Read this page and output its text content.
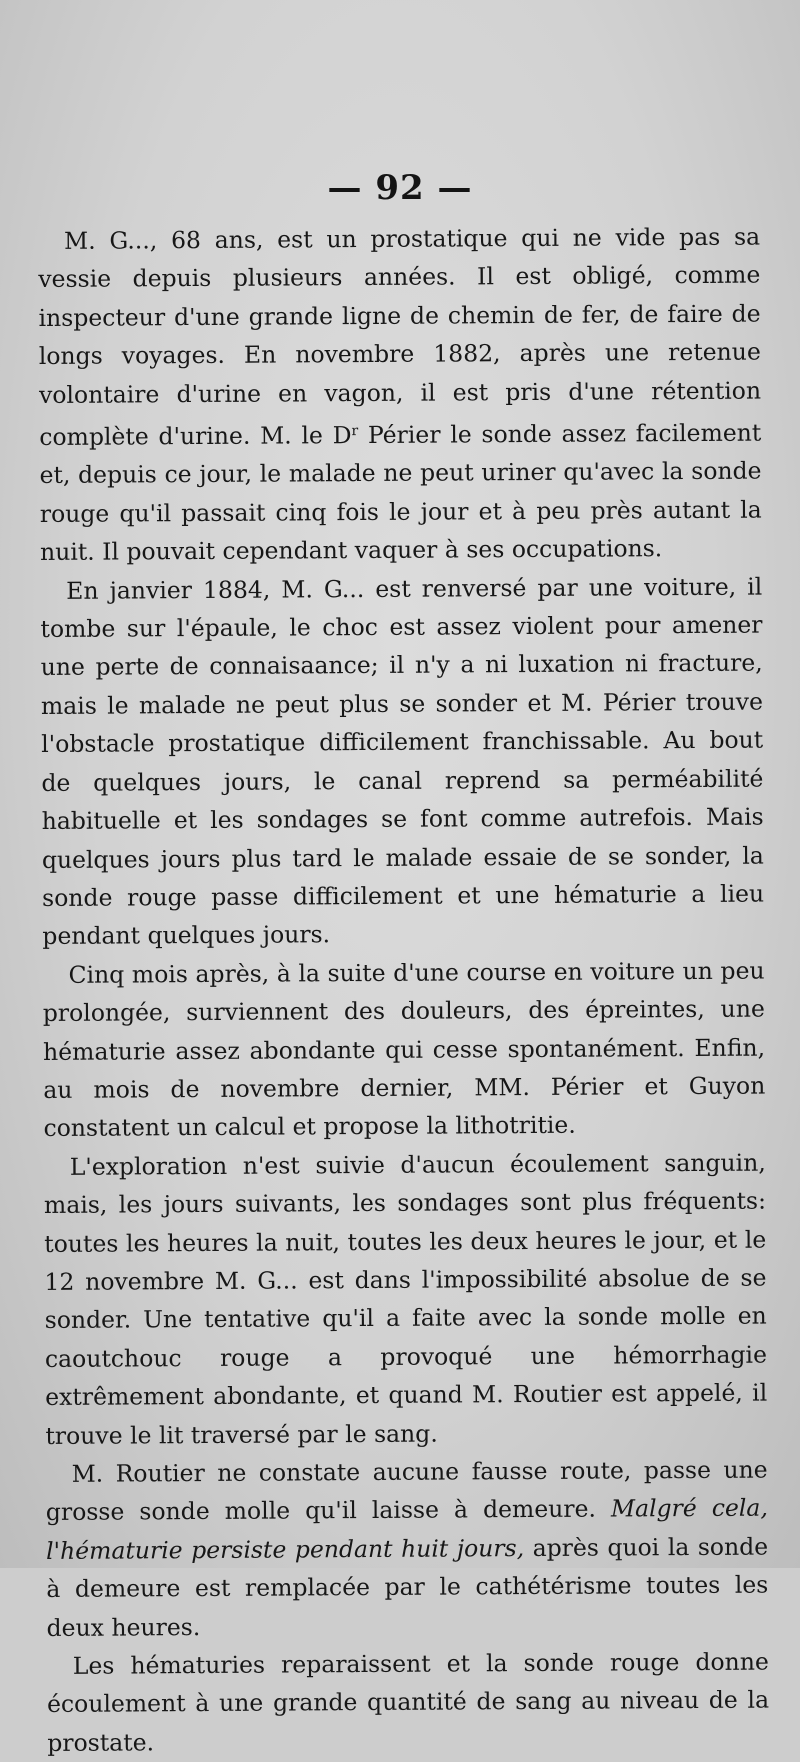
— 92 —

M. G..., 68 ans, est un prostatique qui ne vide pas sa vessie depuis plusieurs années. Il est obligé, comme inspecteur d'une grande ligne de chemin de fer, de faire de longs voyages. En novembre 1882, après une retenue volontaire d'urine en vagon, il est pris d'une rétention complète d'urine. M. le $D^r$ Périer le sonde assez facilement et, depuis ce jour, le malade ne peut uriner qu'avec la sonde rouge qu'il passait cinq fois le jour et à peu près autant la nuit. Il pouvait cependant vaquer à ses occupations.

En janvier 1884, M. G... est renversé par une voiture, il tombe sur l'épaule, le choc est assez violent pour amener une perte de connaisaance; il n'y a ni luxation ni fracture, mais le malade ne peut plus se sonder et M. Périer trouve l'obstacle prostatique difficilement franchissable. Au bout de quelques jours, le canal reprend sa perméabilité habituelle et les sondages se font comme autrefois. Mais quelques jours plus tard le malade essaie de se sonder, la sonde rouge passe difficilement et une hématurie a lieu pendant quelques jours.

Cinq mois après, à la suite d'une course en voiture un peu prolongée, surviennent des douleurs, des épreintes, une hématurie assez abondante qui cesse spontanément. Enfin, au mois de novembre dernier, MM. Périer et Guyon constatent un calcul et propose la lithotritie.

L'exploration n'est suivie d'aucun écoulement sanguin, mais, les jours suivants, les sondages sont plus fréquents: toutes les heures la nuit, toutes les deux heures le jour, et le 12 novembre M. G... est dans l'impossibilité absolue de se sonder. Une tentative qu'il a faite avec la sonde molle en caoutchouc rouge a provoqué une hémorrhagie extrêmement abondante, et quand M. Routier est appelé, il trouve le lit traversé par le sang.

M. Routier ne constate aucune fausse route, passe une grosse sonde molle qu'il laisse à demeure. Malgré cela, l'hématurie persiste pendant huit jours, après quoi la sonde à demeure est remplacée par le cathétérisme toutes les deux heures.

Les hématuries reparaissent et la sonde rouge donne écoulement à une grande quantité de sang au niveau de la prostate.
